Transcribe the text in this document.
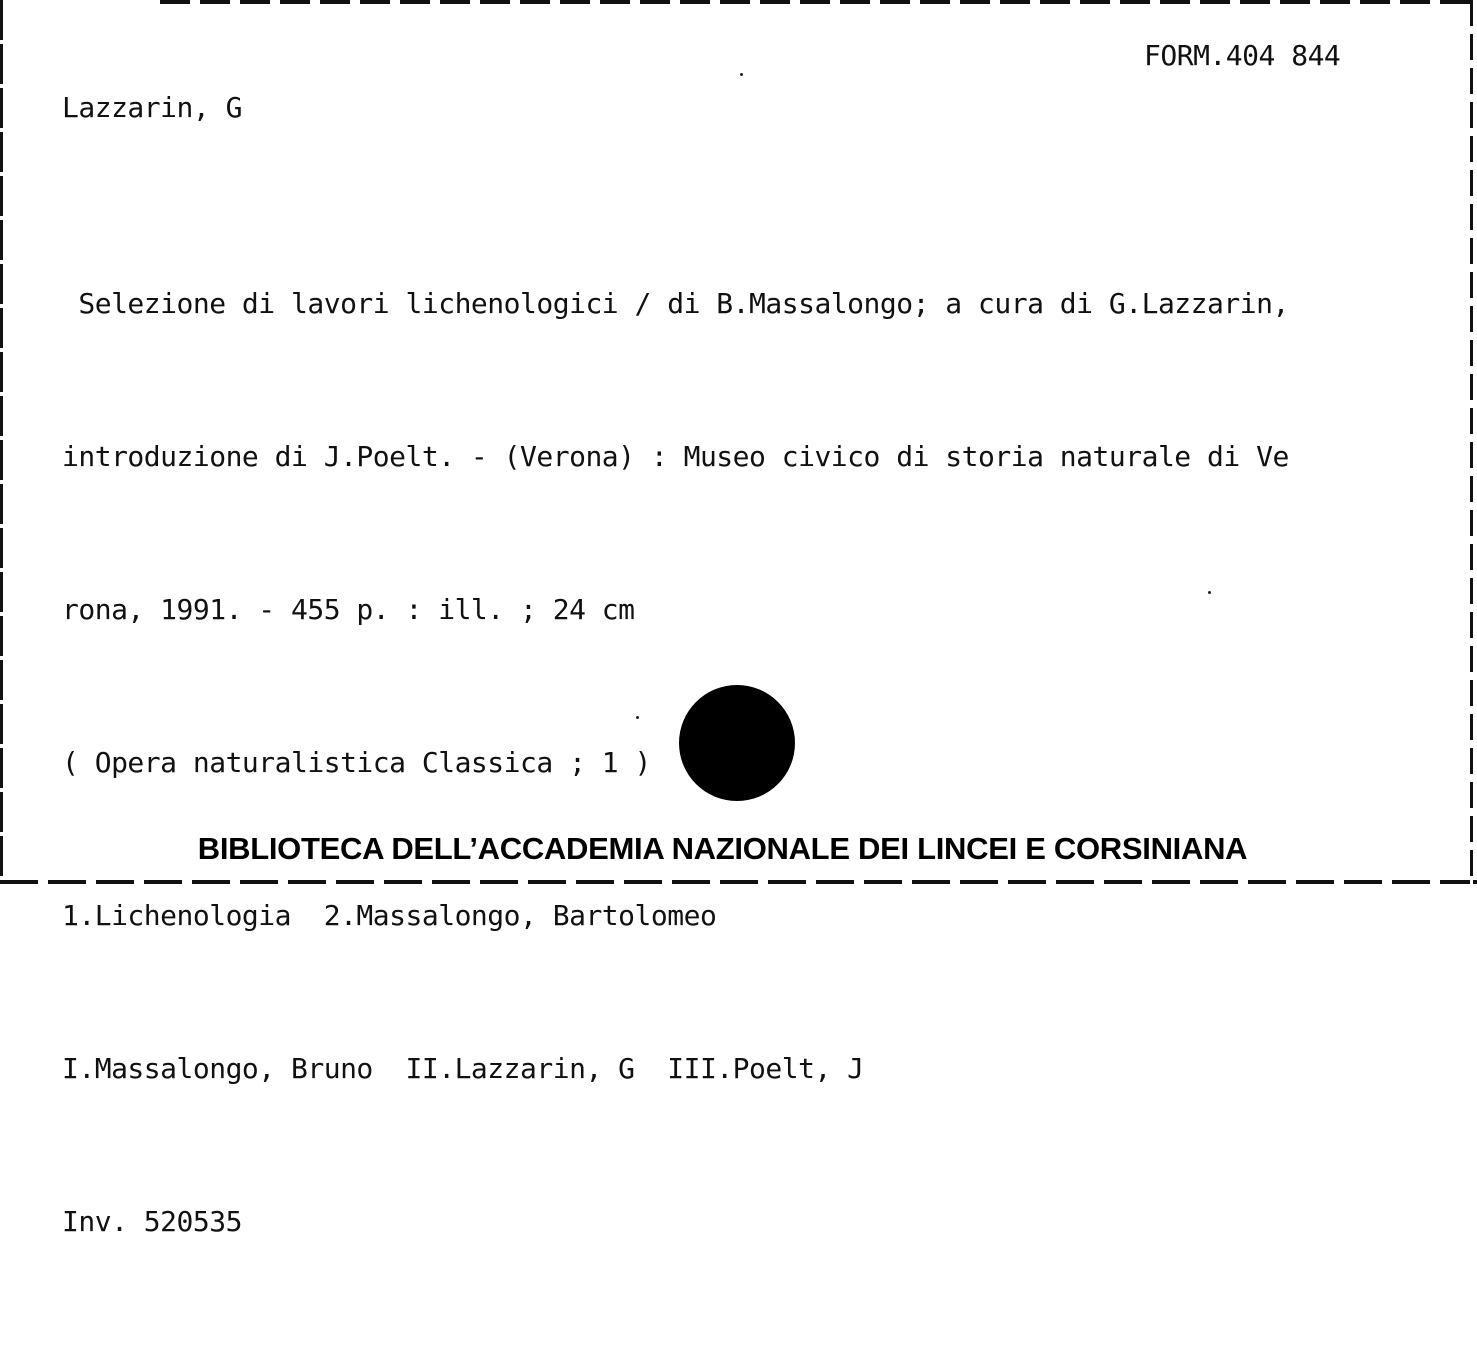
FORM.404 844
Lazzarin, G

Selezione di lavori lichenologici / di B.Massalongo; a cura di G.Lazzarin,

introduzione di J.Poelt. - (Verona) : Museo civico di storia naturale di Ve

rona, 1991. - 455 p. : ill. ; 24 cm

( Opera naturalistica Classica ; 1 )

1.Lichenologia  2.Massalongo, Bartolomeo

I.Massalongo, Bruno  II.Lazzarin, G  III.Poelt, J

Inv. 520535

BIBLIOTECA DELL’ACCADEMIA NAZIONALE DEI LINCEI E CORSINIANA
